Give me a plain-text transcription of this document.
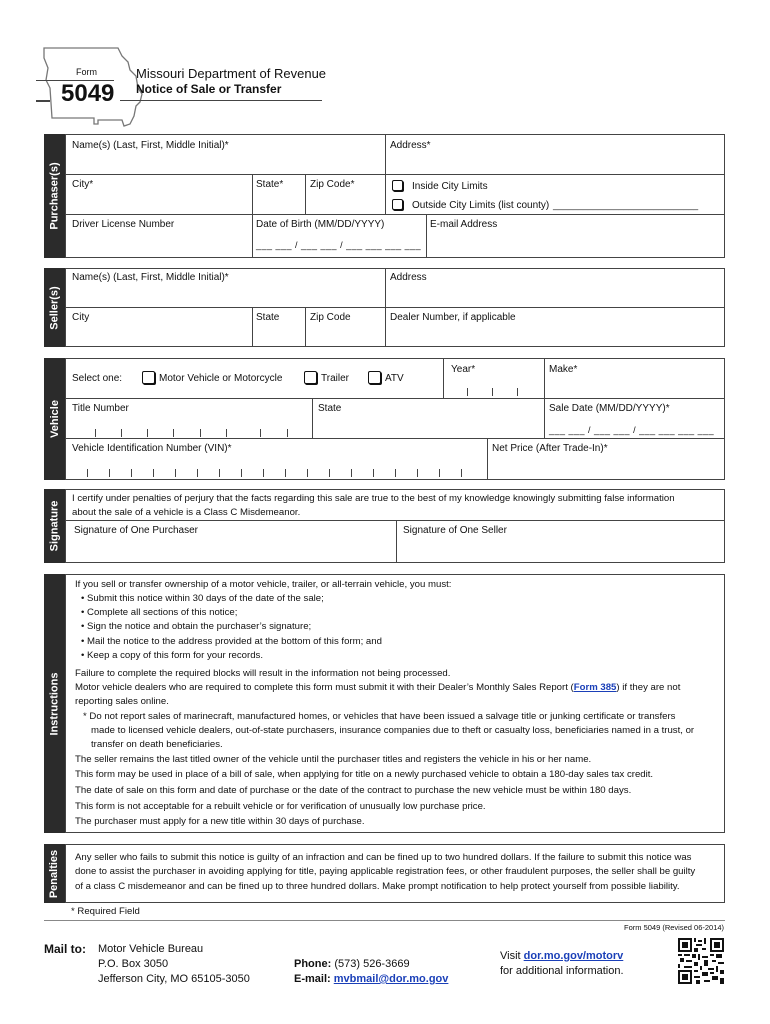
Form
5049
Missouri Department of Revenue
Notice of Sale or Transfer
Purchaser(s)
Name(s) (Last, First, Middle Initial)*	Address*
City*	State*	Zip Code*	Inside City Limits
Outside City Limits (list county) _____________________________
Driver License Number	Date of Birth (MM/DD/YYYY)
___ ___ / ___ ___ / ___ ___ ___ ___
E-mail Address
Seller(s)
Name(s) (Last, First, Middle Initial)*	Address
City	State	Zip Code	Dealer Number, if applicable
Vehicle
Select one:	Motor Vehicle or Motorcycle	Trailer	ATV
Year*	Make*
Title Number	State	Sale Date (MM/DD/YYYY)*
___ ___ / ___ ___ / ___ ___ ___ ___
Vehicle Identification Number (VIN)*	Net Price (After Trade-In)*
Signature
I certify under penalties of perjury that the facts regarding this sale are true to the best of my knowledge knowingly submitting false information
about the sale of a vehicle is a Class C Misdemeanor.
Signature of One Purchaser	Signature of One Seller
Instructions
If you sell or transfer ownership of a motor vehicle, trailer, or all-terrain vehicle, you must:
• Submit this notice within 30 days of the date of the sale;
• Complete all sections of this notice;
• Sign the notice and obtain the purchaser’s signature;
• Mail the notice to the address provided at the bottom of this form; and
• Keep a copy of this form for your records.
Failure to complete the required blocks will result in the information not being processed.
Motor vehicle dealers who are required to complete this form must submit it with their Dealer’s Monthly Sales Report (Form 385) if they are not
reporting sales online.
* Do not report sales of marinecraft, manufactured homes, or vehicles that have been issued a salvage title or junking certificate or transfers
made to licensed vehicle dealers, out-of-state purchasers, insurance companies due to theft or casualty loss, beneficiaries named in a trust, or
transfer on death beneficiaries.
The seller remains the last titled owner of the vehicle until the purchaser titles and registers the vehicle in his or her name.
This form may be used in place of a bill of sale, when applying for title on a newly purchased vehicle to obtain a 180-day sales tax credit.
The date of sale on this form and date of purchase or the date of the contract to purchase the new vehicle must be within 180 days.
This form is not acceptable for a rebuilt vehicle or for verification of unusually low purchase price.
The purchaser must apply for a new title within 30 days of purchase.
Penalties Any seller who fails to submit this notice is guilty of an infraction and can be fined up to two hundred dollars. If the failure to submit this notice was
done to assist the purchaser in avoiding applying for title, paying applicable registration fees, or other fraudulent purposes, the seller shall be guilty
of a class C misdemeanor and can be fined up to three hundred dollars. Make prompt notification to help protect yourself from possible liability.
* Required Field
Form 5049 (Revised 06-2014)
Mail to: Motor Vehicle Bureau
P.O. Box 3050
Jefferson City, MO 65105-3050
Phone: (573) 526-3669
E-mail: mvbmail@dor.mo.gov
Visit dor.mo.gov/motorv
for additional information.
